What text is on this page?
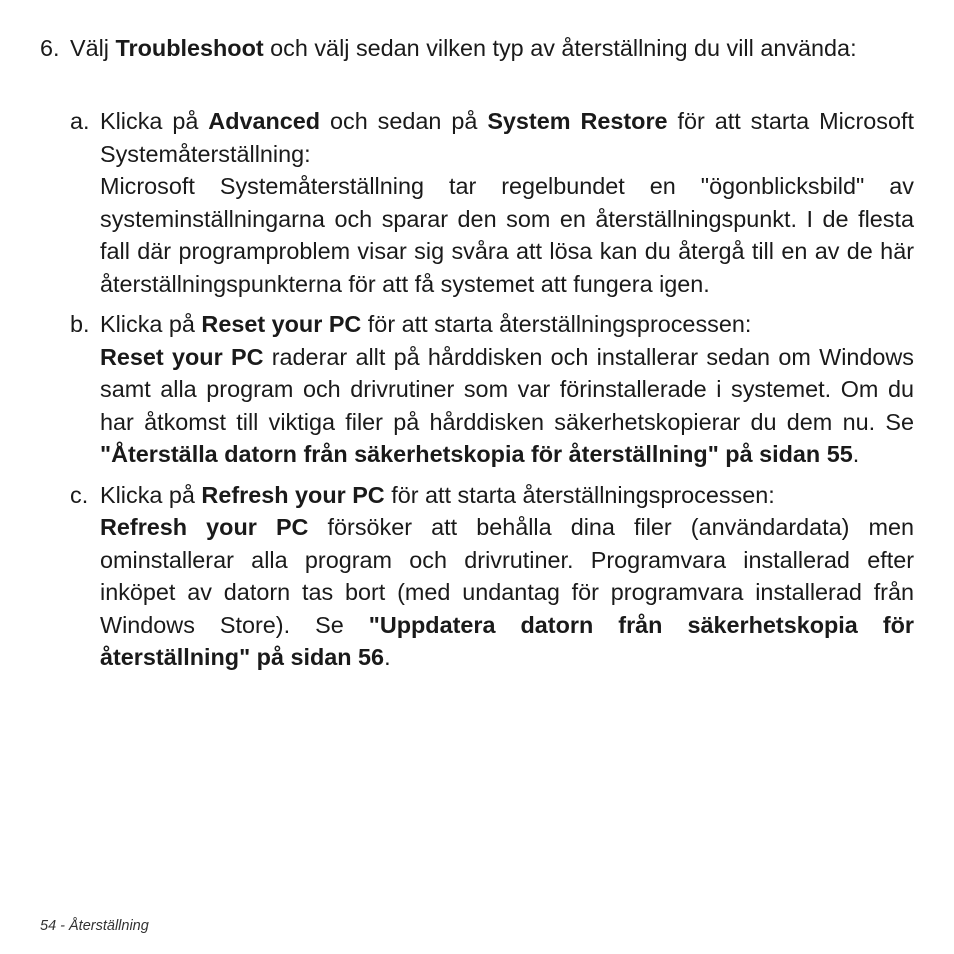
6. Välj Troubleshoot och välj sedan vilken typ av återställning du vill använda:
a. Klicka på Advanced och sedan på System Restore för att starta Microsoft Systemåterställning:

Microsoft Systemåterställning tar regelbundet en "ögonblicksbild" av systeminställningarna och sparar den som en återställningspunkt. I de flesta fall där programproblem visar sig svåra att lösa kan du återgå till en av de här återställningspunkterna för att få systemet att fungera igen.

b. Klicka på Reset your PC för att starta återställningsprocessen:

Reset your PC raderar allt på hårddisken och installerar sedan om Windows samt alla program och drivrutiner som var förinstallerade i systemet. Om du har åtkomst till viktiga filer på hårddisken säkerhetskopierar du dem nu. Se "Återställa datorn från säkerhetskopia för återställning" på sidan 55.

c. Klicka på Refresh your PC för att starta återställningsprocessen:

Refresh your PC försöker att behålla dina filer (användardata) men ominstallerar alla program och drivrutiner. Programvara installerad efter inköpet av datorn tas bort (med undantag för programvara installerad från Windows Store). Se "Uppdatera datorn från säkerhetskopia för återställning" på sidan 56.

54 - Återställning
